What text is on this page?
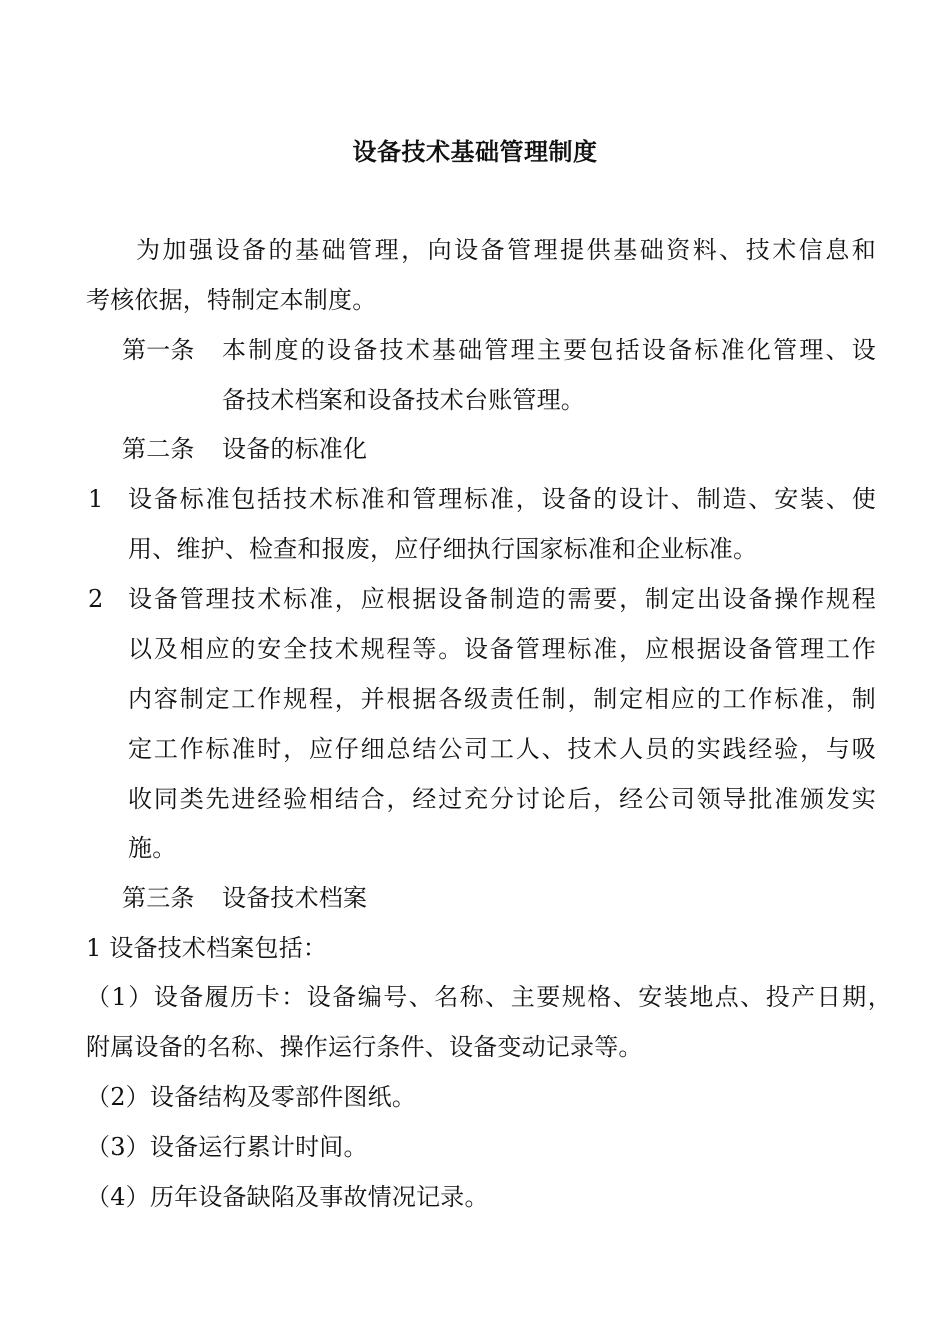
设备技术基础管理制度
为加强设备的基础管理，向设备管理提供基础资料、技术信息和
考核依据，特制定本制度。
第一条 本制度的设备技术基础管理主要包括设备标准化管理、设
备技术档案和设备技术台账管理。
第二条 设备的标准化
1 设备标准包括技术标准和管理标准，设备的设计、制造、安装、使
用、维护、检查和报废，应仔细执行国家标准和企业标准。
2 设备管理技术标准，应根据设备制造的需要，制定出设备操作规程
以及相应的安全技术规程等。设备管理标准，应根据设备管理工作
内容制定工作规程，并根据各级责任制，制定相应的工作标准，制
定工作标准时，应仔细总结公司工人、技术人员的实践经验，与吸
收同类先进经验相结合，经过充分讨论后，经公司领导批准颁发实
施。
第三条 设备技术档案
1 设备技术档案包括：
（1）设备履历卡：设备编号、名称、主要规格、安装地点、投产日期，
附属设备的名称、操作运行条件、设备变动记录等。
（2）设备结构及零部件图纸。
（3）设备运行累计时间。
（4）历年设备缺陷及事故情况记录。
